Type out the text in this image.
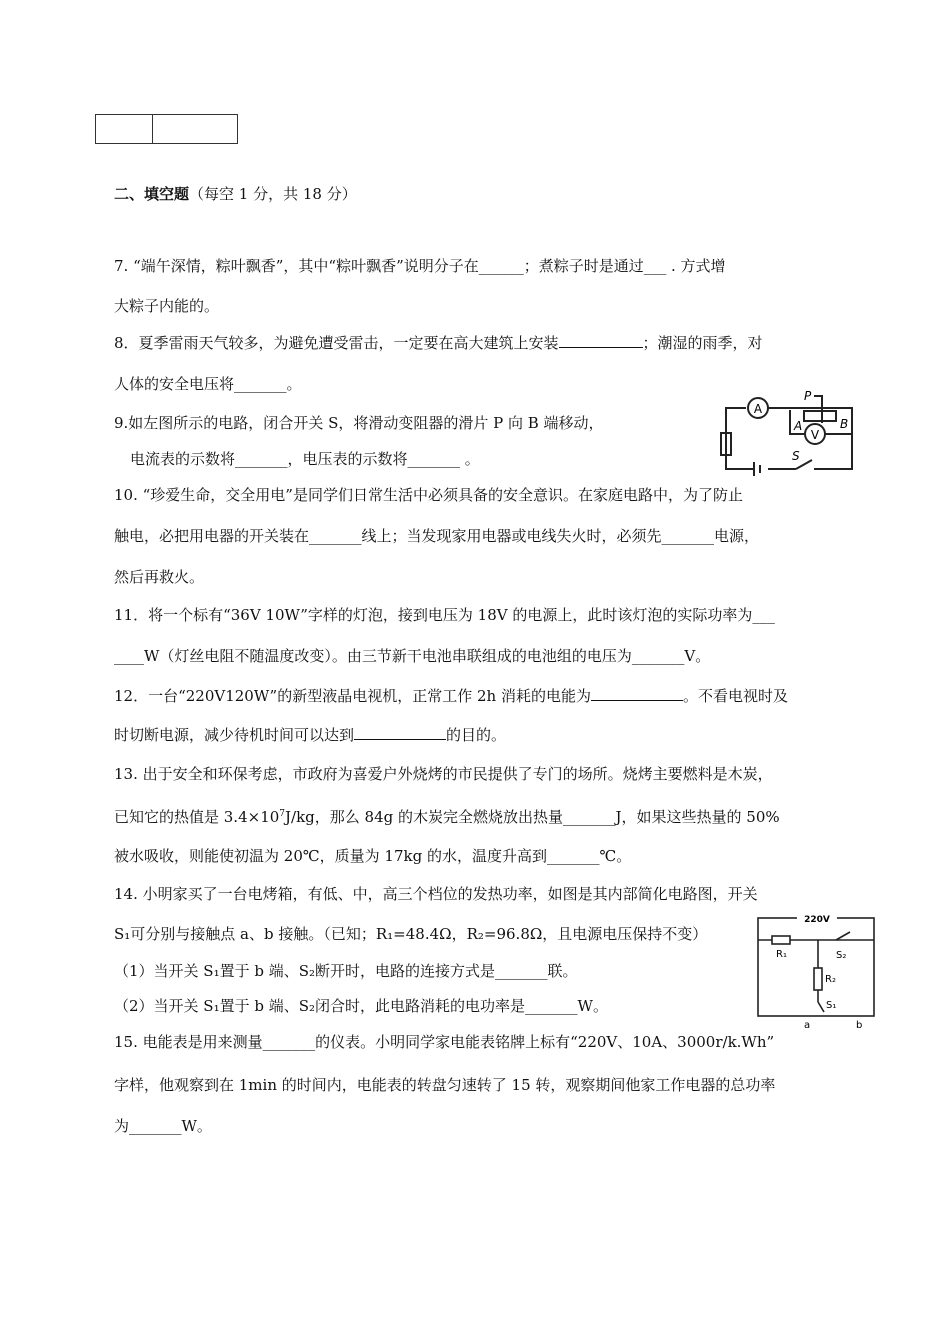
二、填空题（每空 1 分，共 18 分）
7. “端午深情，粽叶飘香”，其中“粽叶飘香”说明分子在______；煮粽子时是通过___ . 方式增
大粽子内能的。
8．夏季雷雨天气较多，为避免遭受雷击，一定要在高大建筑上安装	；潮湿的雨季，对
人体的安全电压将_______。
9.如左图所示的电路，闭合开关 S，将滑动变阻器的滑片 P 向 B 端移动，
电流表的示数将_______，电压表的示数将_______ 。
10. “珍爱生命，交全用电”是同学们日常生活中必须具备的安全意识。在家庭电路中，为了防止
触电，必把用电器的开关装在_______线上；当发现家用电器或电线失火时，必须先_______电源，
然后再救火。
11．将一个标有“36V 10W”字样的灯泡，接到电压为 18V 的电源上，此时该灯泡的实际功率为___
____W（灯丝电阻不随温度改变）。由三节新干电池串联组成的电池组的电压为_______V。
12．一台“220V120W”的新型液晶电视机，正常工作 2h 消耗的电能为	。不看电视时及
时切断电源，减少待机时间可以达到	的目的。
13. 出于安全和环保考虑，市政府为喜爱户外烧烤的市民提供了专门的场所。烧烤主要燃料是木炭，
已知它的热值是 $3.4\times 10^7J/kg$，那么 84g 的木炭完全燃烧放出热量_______J，如果这些热量的 50%
被水吸收，则能使初温为 20℃，质量为 17kg 的水，温度升高到_______℃。
14. 小明家买了一台电烤箱，有低、中，高三个档位的发热功率，如图是其内部简化电路图，开关
S₁可分别与接触点 a、b 接触。（已知；R₁=48.4Ω，R₂=96.8Ω，且电源电压保持不变）
（1）当开关 S₁置于 b 端、S₂断开时，电路的连接方式是_______联。
（2）当开关 S₁置于 b 端、S₂闭合时，此电路消耗的电功率是_______W。
15. 电能表是用来测量_______的仪表。小明同学家电能表铭牌上标有“220V、10A、3000r/k.Wh”
字样，他观察到在 1min 的时间内，电能表的转盘匀速转了 15 转，观察期间他家工作电器的总功率
为_______W。
A
V
P
A	B
S
220V
R₁	S₂
R₂
S₁
a	b
